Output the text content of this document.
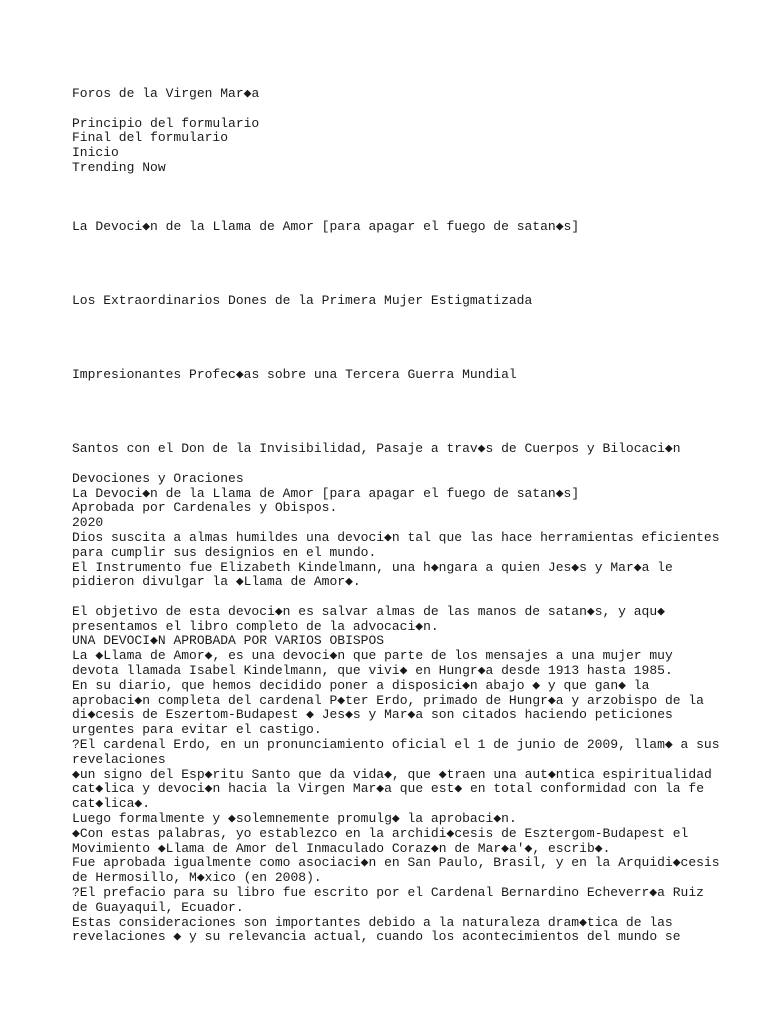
Foros de la Virgen Mar◆a
Principio del formulario
Final del formulario
Inicio
Trending Now
La Devoci◆n de la Llama de Amor [para apagar el fuego de satan◆s]
Los Extraordinarios Dones de la Primera Mujer Estigmatizada
Impresionantes Profec◆as sobre una Tercera Guerra Mundial
Santos con el Don de la Invisibilidad, Pasaje a trav◆s de Cuerpos y Bilocaci◆n
Devociones y Oraciones
La Devoci◆n de la Llama de Amor [para apagar el fuego de satan◆s]
Aprobada por Cardenales y Obispos.
2020
Dios suscita a almas humildes una devoci◆n tal que las hace herramientas eficientes
para cumplir sus designios en el mundo.
El Instrumento fue Elizabeth Kindelmann, una h◆ngara a quien Jes◆s y Mar◆a le
pidieron divulgar la ◆Llama de Amor◆.
El objetivo de esta devoci◆n es salvar almas de las manos de satan◆s, y aqu◆
presentamos el libro completo de la advocaci◆n.
UNA DEVOCI◆N APROBADA POR VARIOS OBISPOS
La ◆Llama de Amor◆, es una devoci◆n que parte de los mensajes a una mujer muy
devota llamada Isabel Kindelmann, que vivi◆ en Hungr◆a desde 1913 hasta 1985.
En su diario, que hemos decidido poner a disposici◆n abajo ◆ y que gan◆ la
aprobaci◆n completa del cardenal P◆ter Erdo, primado de Hungr◆a y arzobispo de la
di◆cesis de Eszertom-Budapest ◆ Jes◆s y Mar◆a son citados haciendo peticiones
urgentes para evitar el castigo.
?El cardenal Erdo, en un pronunciamiento oficial el 1 de junio de 2009, llam◆ a sus
revelaciones
◆un signo del Esp◆ritu Santo que da vida◆, que ◆traen una aut◆ntica espiritualidad
cat◆lica y devoci◆n hacia la Virgen Mar◆a que est◆ en total conformidad con la fe
cat◆lica◆.
Luego formalmente y ◆solemnemente promulg◆ la aprobaci◆n.
◆Con estas palabras, yo establezco en la archidi◆cesis de Esztergom-Budapest el
Movimiento ◆Llama de Amor del Inmaculado Coraz◆n de Mar◆a'◆, escrib◆.
Fue aprobada igualmente como asociaci◆n en San Paulo, Brasil, y en la Arquidi◆cesis
de Hermosillo, M◆xico (en 2008).
?El prefacio para su libro fue escrito por el Cardenal Bernardino Echeverr◆a Ruiz
de Guayaquil, Ecuador.
Estas consideraciones son importantes debido a la naturaleza dram◆tica de las
revelaciones ◆ y su relevancia actual, cuando los acontecimientos del mundo se
